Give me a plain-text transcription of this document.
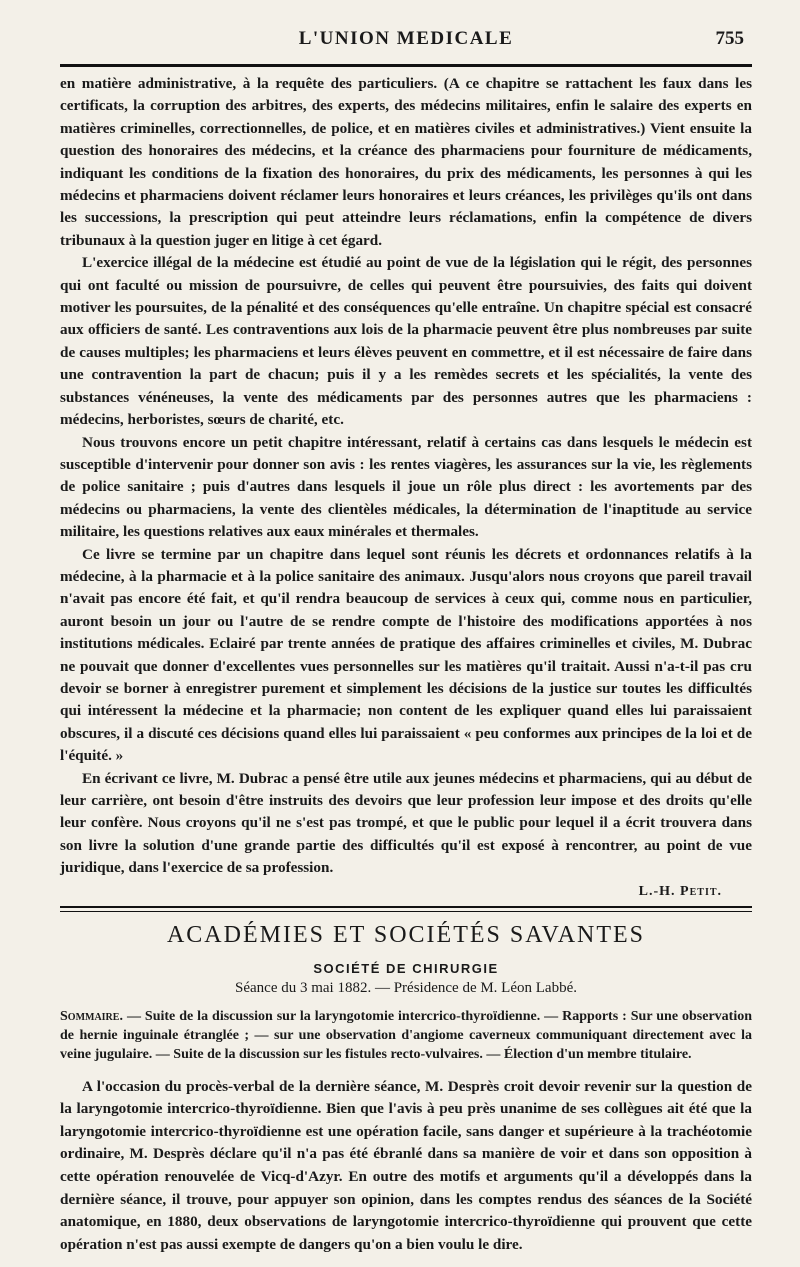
L'UNION MEDICALE	755

en matière administrative, à la requête des particuliers. (A ce chapitre se rattachent les faux dans les certificats, la corruption des arbitres, des experts, des médecins militaires, enfin le salaire des experts en matières criminelles, correctionnelles, de police, et en matières civiles et administratives.) Vient ensuite la question des honoraires des médecins, et la créance des pharmaciens pour fourniture de médicaments, indiquant les conditions de la fixation des honoraires, du prix des médicaments, les personnes à qui les médecins et pharmaciens doivent réclamer leurs honoraires et leurs créances, les privilèges qu'ils ont dans les successions, la prescription qui peut atteindre leurs réclamations, enfin la compétence de divers tribunaux à la question juger en litige à cet égard.

L'exercice illégal de la médecine est étudié au point de vue de la législation qui le régit, des personnes qui ont faculté ou mission de poursuivre, de celles qui peuvent être poursuivies, des faits qui doivent motiver les poursuites, de la pénalité et des conséquences qu'elle entraîne. Un chapitre spécial est consacré aux officiers de santé. Les contraventions aux lois de la pharmacie peuvent être plus nombreuses par suite de causes multiples; les pharmaciens et leurs élèves peuvent en commettre, et il est nécessaire de faire dans une contravention la part de chacun; puis il y a les remèdes secrets et les spécialités, la vente des substances vénéneuses, la vente des médicaments par des personnes autres que les pharmaciens : médecins, herboristes, sœurs de charité, etc.

Nous trouvons encore un petit chapitre intéressant, relatif à certains cas dans lesquels le médecin est susceptible d'intervenir pour donner son avis : les rentes viagères, les assurances sur la vie, les règlements de police sanitaire ; puis d'autres dans lesquels il joue un rôle plus direct : les avortements par des médecins ou pharmaciens, la vente des clientèles médicales, la détermination de l'inaptitude au service militaire, les questions relatives aux eaux minérales et thermales.

Ce livre se termine par un chapitre dans lequel sont réunis les décrets et ordonnances relatifs à la médecine, à la pharmacie et à la police sanitaire des animaux. Jusqu'alors nous croyons que pareil travail n'avait pas encore été fait, et qu'il rendra beaucoup de services à ceux qui, comme nous en particulier, auront besoin un jour ou l'autre de se rendre compte de l'histoire des modifications apportées à nos institutions médicales. Eclairé par trente années de pratique des affaires criminelles et civiles, M. Dubrac ne pouvait que donner d'excellentes vues personnelles sur les matières qu'il traitait. Aussi n'a-t-il pas cru devoir se borner à enregistrer purement et simplement les décisions de la justice sur toutes les difficultés qui intéressent la médecine et la pharmacie; non content de les expliquer quand elles lui paraissaient obscures, il a discuté ces décisions quand elles lui paraissaient « peu conformes aux principes de la loi et de l'équité. »

En écrivant ce livre, M. Dubrac a pensé être utile aux jeunes médecins et pharmaciens, qui au début de leur carrière, ont besoin d'être instruits des devoirs que leur profession leur impose et des droits qu'elle leur confère. Nous croyons qu'il ne s'est pas trompé, et que le public pour lequel il a écrit trouvera dans son livre la solution d'une grande partie des difficultés qu'il est exposé à rencontrer, au point de vue juridique, dans l'exercice de sa profession.

L.-H. Petit.
ACADÉMIES ET SOCIÉTÉS SAVANTES
SOCIÉTÉ DE CHIRURGIE
Séance du 3 mai 1882. — Présidence de M. Léon Labbé.
Sommaire. — Suite de la discussion sur la laryngotomie intercrico-thyroïdienne. — Rapports : Sur une observation de hernie inguinale étranglée ; — sur une observation d'angiome caverneux communiquant directement avec la veine jugulaire. — Suite de la discussion sur les fistules recto-vulvaires. — Élection d'un membre titulaire.

A l'occasion du procès-verbal de la dernière séance, M. Desprès croit devoir revenir sur la question de la laryngotomie intercrico-thyroïdienne. Bien que l'avis à peu près unanime de ses collègues ait été que la laryngotomie intercrico-thyroïdienne est une opération facile, sans danger et supérieure à la trachéotomie ordinaire, M. Desprès déclare qu'il n'a pas été ébranlé dans sa manière de voir et dans son opposition à cette opération renouvelée de Vicq-d'Azyr. En outre des motifs et arguments qu'il a développés dans la dernière séance, il trouve, pour appuyer son opinion, dans les comptes rendus des séances de la Société anatomique, en 1880, deux observations de laryngotomie intercrico-thyroïdienne qui prouvent que cette opération n'est pas aussi exempte de dangers qu'on a bien voulu le dire.
